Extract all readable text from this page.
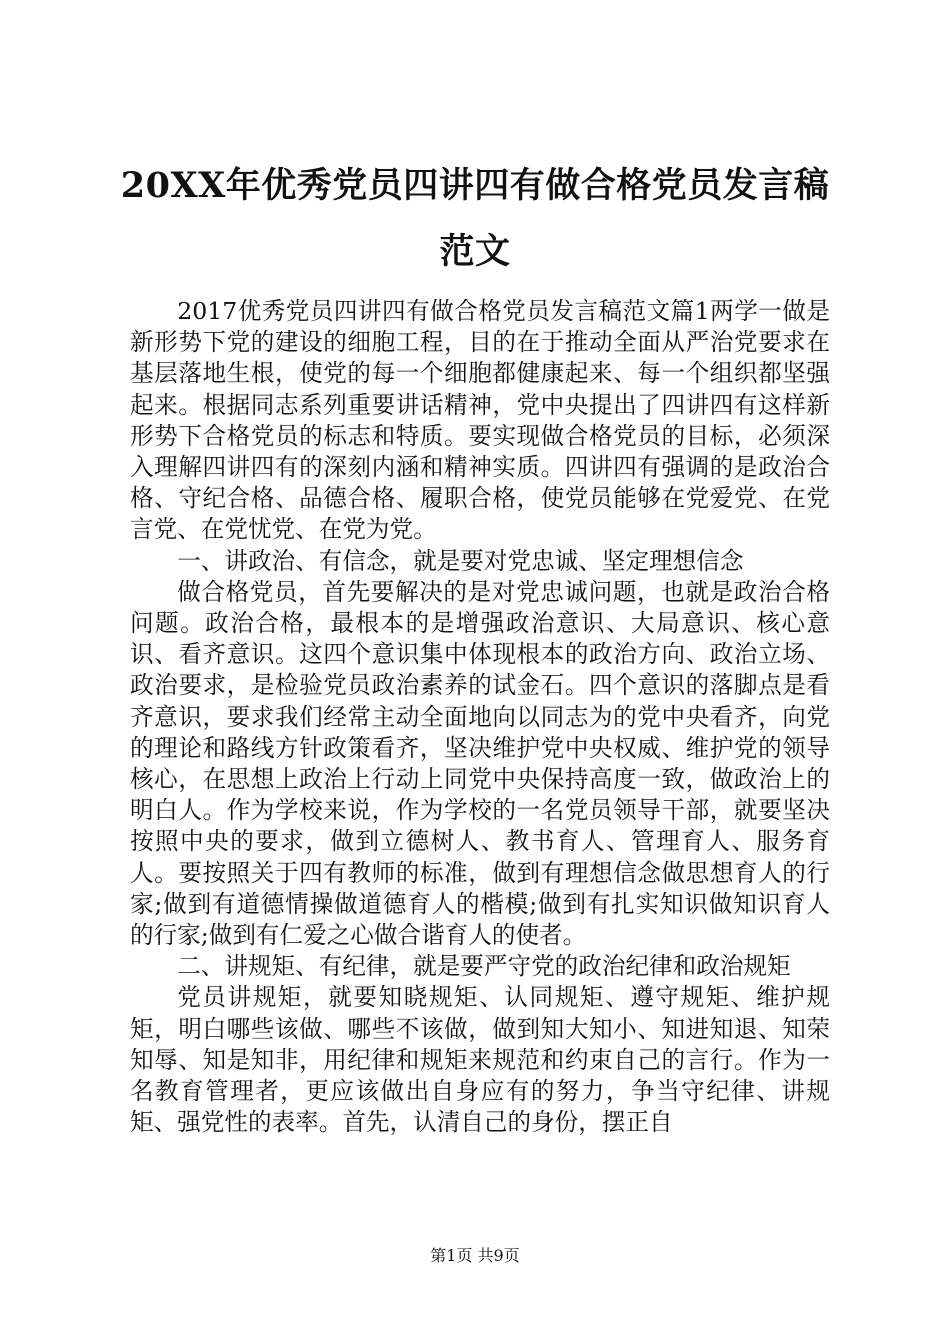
20XX年优秀党员四讲四有做合格党员发言稿
范文

2017优秀党员四讲四有做合格党员发言稿范文篇1两学一做是新形势下党的建设的细胞工程，目的在于推动全面从严治党要求在基层落地生根，使党的每一个细胞都健康起来、每一个组织都坚强起来。根据同志系列重要讲话精神，党中央提出了四讲四有这样新形势下合格党员的标志和特质。要实现做合格党员的目标，必须深入理解四讲四有的深刻内涵和精神实质。四讲四有强调的是政治合格、守纪合格、品德合格、履职合格，使党员能够在党爱党、在党言党、在党忧党、在党为党。

一、讲政治、有信念，就是要对党忠诚、坚定理想信念

做合格党员，首先要解决的是对党忠诚问题，也就是政治合格问题。政治合格，最根本的是增强政治意识、大局意识、核心意识、看齐意识。这四个意识集中体现根本的政治方向、政治立场、政治要求，是检验党员政治素养的试金石。四个意识的落脚点是看齐意识，要求我们经常主动全面地向以同志为的党中央看齐，向党的理论和路线方针政策看齐，坚决维护党中央权威、维护党的领导核心，在思想上政治上行动上同党中央保持高度一致，做政治上的明白人。作为学校来说，作为学校的一名党员领导干部，就要坚决按照中央的要求，做到立德树人、教书育人、管理育人、服务育人。要按照关于四有教师的标准，做到有理想信念做思想育人的行家;做到有道德情操做道德育人的楷模;做到有扎实知识做知识育人的行家;做到有仁爱之心做合谐育人的使者。

二、讲规矩、有纪律，就是要严守党的政治纪律和政治规矩

党员讲规矩，就要知晓规矩、认同规矩、遵守规矩、维护规矩，明白哪些该做、哪些不该做，做到知大知小、知进知退、知荣知辱、知是知非，用纪律和规矩来规范和约束自己的言行。作为一名教育管理者，更应该做出自身应有的努力，争当守纪律、讲规矩、强党性的表率。首先，认清自己的身份，摆正自

第1页 共9页
